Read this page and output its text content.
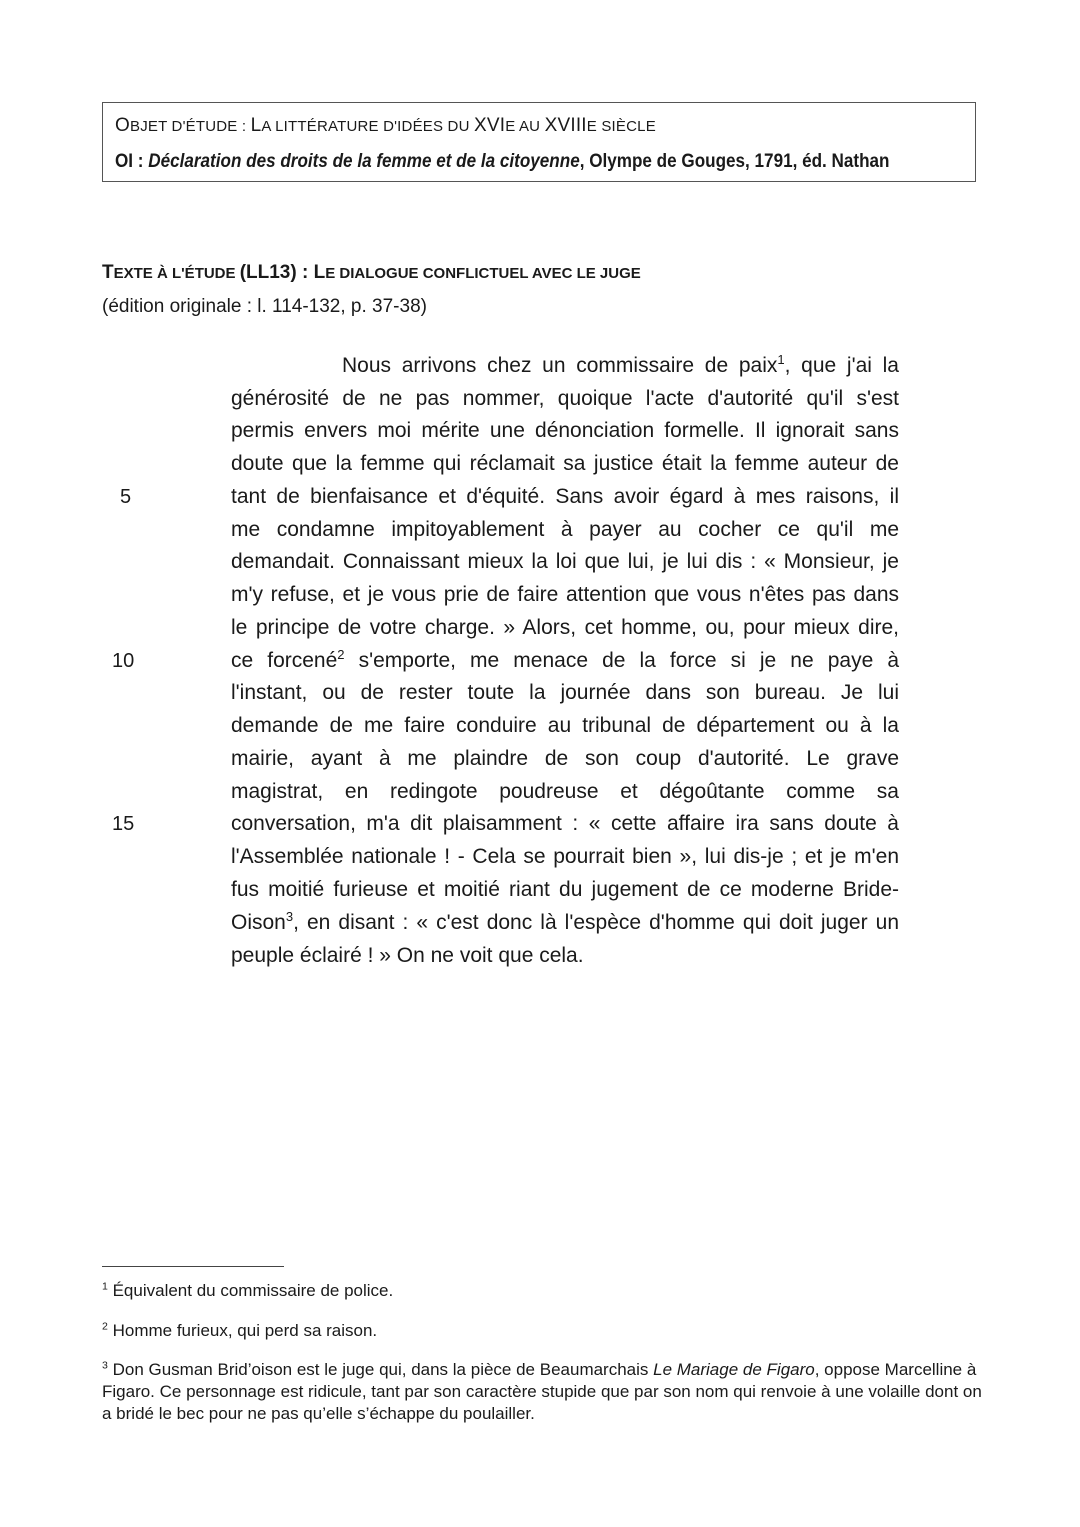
OBJET D'ÉTUDE : LA LITTÉRATURE D'IDÉES DU XVIE AU XVIIIE SIÈCLE
OI : Déclaration des droits de la femme et de la citoyenne, Olympe de Gouges, 1791, éd. Nathan
TEXTE À L'ÉTUDE (LL13) : LE DIALOGUE CONFLICTUEL AVEC LE JUGE
(édition originale : l. 114-132, p. 37-38)
Nous arrivons chez un commissaire de paix$^1$, que j'ai la
générosité de ne pas nommer, quoique l'acte d'autorité qu'il s'est
permis envers moi mérite une dénonciation formelle. Il ignorait sans
doute que la femme qui réclamait sa justice était la femme auteur de
tant de bienfaisance et d'équité. Sans avoir égard à mes raisons, il
me condamne impitoyablement à payer au cocher ce qu'il me
demandait. Connaissant mieux la loi que lui, je lui dis : « Monsieur, je
m'y refuse, et je vous prie de faire attention que vous n'êtes pas dans
le principe de votre charge. » Alors, cet homme, ou, pour mieux dire,
ce forcené$^2$ s'emporte, me menace de la force si je ne paye à
l'instant, ou de rester toute la journée dans son bureau. Je lui
demande de me faire conduire au tribunal de département ou à la
mairie, ayant à me plaindre de son coup d'autorité. Le grave
magistrat, en redingote poudreuse et dégoûtante comme sa
conversation, m'a dit plaisamment : « cette affaire ira sans doute à
l'Assemblée nationale ! - Cela se pourrait bien », lui dis-je ; et je m'en
fus moitié furieuse et moitié riant du jugement de ce moderne Bride-
Oison$^3$, en disant : « c'est donc là l'espèce d'homme qui doit juger un
peuple éclairé ! » On ne voit que cela.
5
10
15
$^1$ Équivalent du commissaire de police.
$^2$ Homme furieux, qui perd sa raison.
$^3$ Don Gusman Brid’oison est le juge qui, dans la pièce de Beaumarchais Le Mariage de Figaro, oppose Marcelline à Figaro. Ce personnage est ridicule, tant par son caractère stupide que par son nom qui renvoie à une volaille dont on a bridé le bec pour ne pas qu’elle s’échappe du poulailler.
